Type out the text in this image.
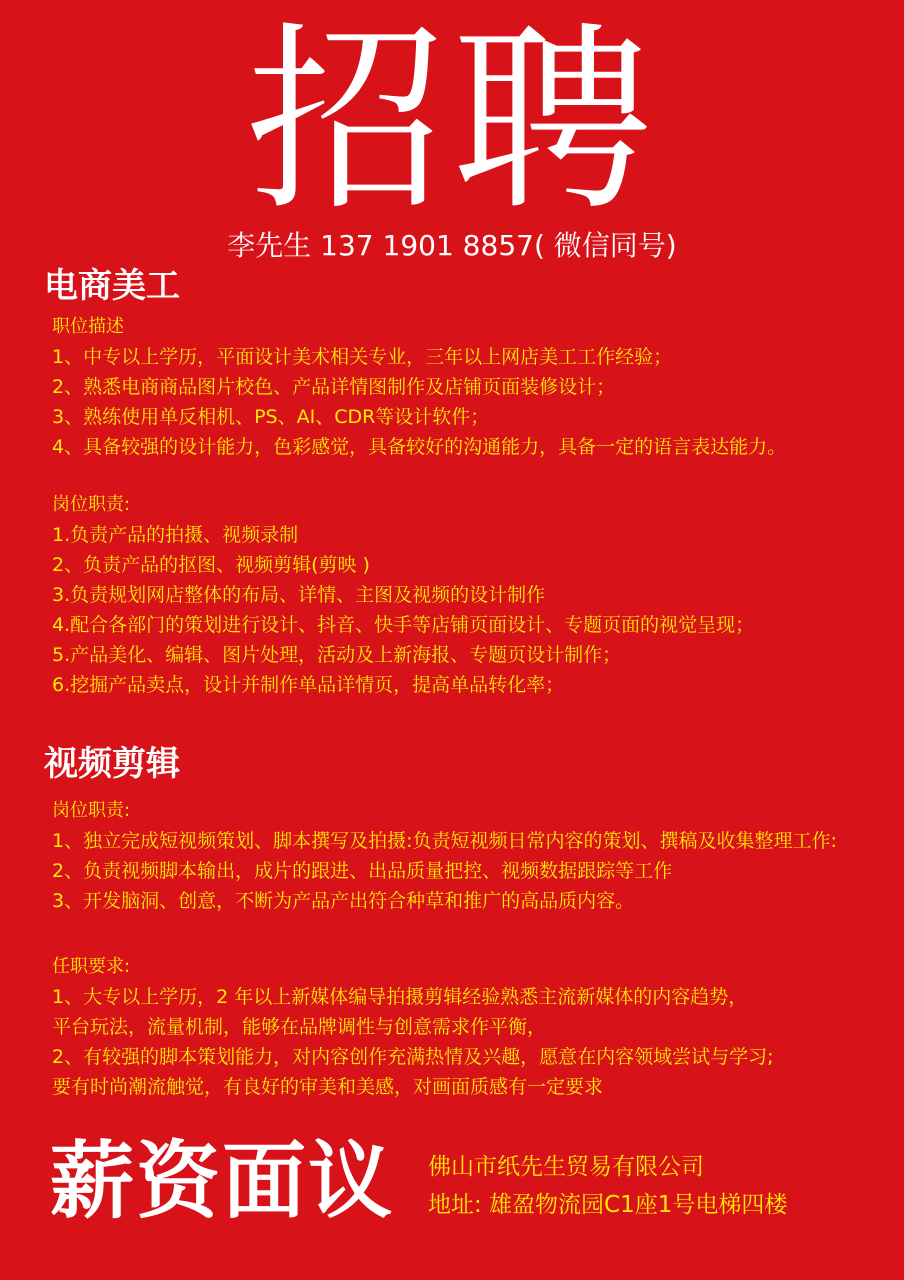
招聘

李先生 137 1901 8857( 微信同号)

电商美工
职位描述
1、中专以上学历，平面设计美术相关专业，三年以上网店美工工作经验；
2、熟悉电商商品图片校色、产品详情图制作及店铺页面装修设计；
3、熟练使用单反相机、PS、AI、CDR等设计软件；
4、具备较强的设计能力，色彩感觉，具备较好的沟通能力，具备一定的语言表达能力。
岗位职责:
1.负责产品的拍摄、视频录制
2、负责产品的抠图、视频剪辑(剪映 )
3.负责规划网店整体的布局、详情、主图及视频的设计制作
4.配合各部门的策划进行设计、抖音、快手等店铺页面设计、专题页面的视觉呈现；
5.产品美化、编辑、图片处理，活动及上新海报、专题页设计制作；
6.挖掘产品卖点，设计并制作单品详情页，提高单品转化率；
视频剪辑
岗位职责:
1、独立完成短视频策划、脚本撰写及拍摄:负责短视频日常内容的策划、撰稿及收集整理工作:
2、负责视频脚本输出，成片的跟进、出品质量把控、视频数据跟踪等工作
3、开发脑洞、创意，不断为产品产出符合种草和推广的高品质内容。
任职要求:
1、大专以上学历，2 年以上新媒体编导拍摄剪辑经验熟悉主流新媒体的内容趋势，
平台玩法，流量机制，能够在品牌调性与创意需求作平衡，
2、有较强的脚本策划能力，对内容创作充满热情及兴趣，愿意在内容领域尝试与学习;
要有时尚潮流触觉，有良好的审美和美感，对画面质感有一定要求
薪资面议 佛山市纸先生贸易有限公司
地址: 雄盈物流园C1座1号电梯四楼
